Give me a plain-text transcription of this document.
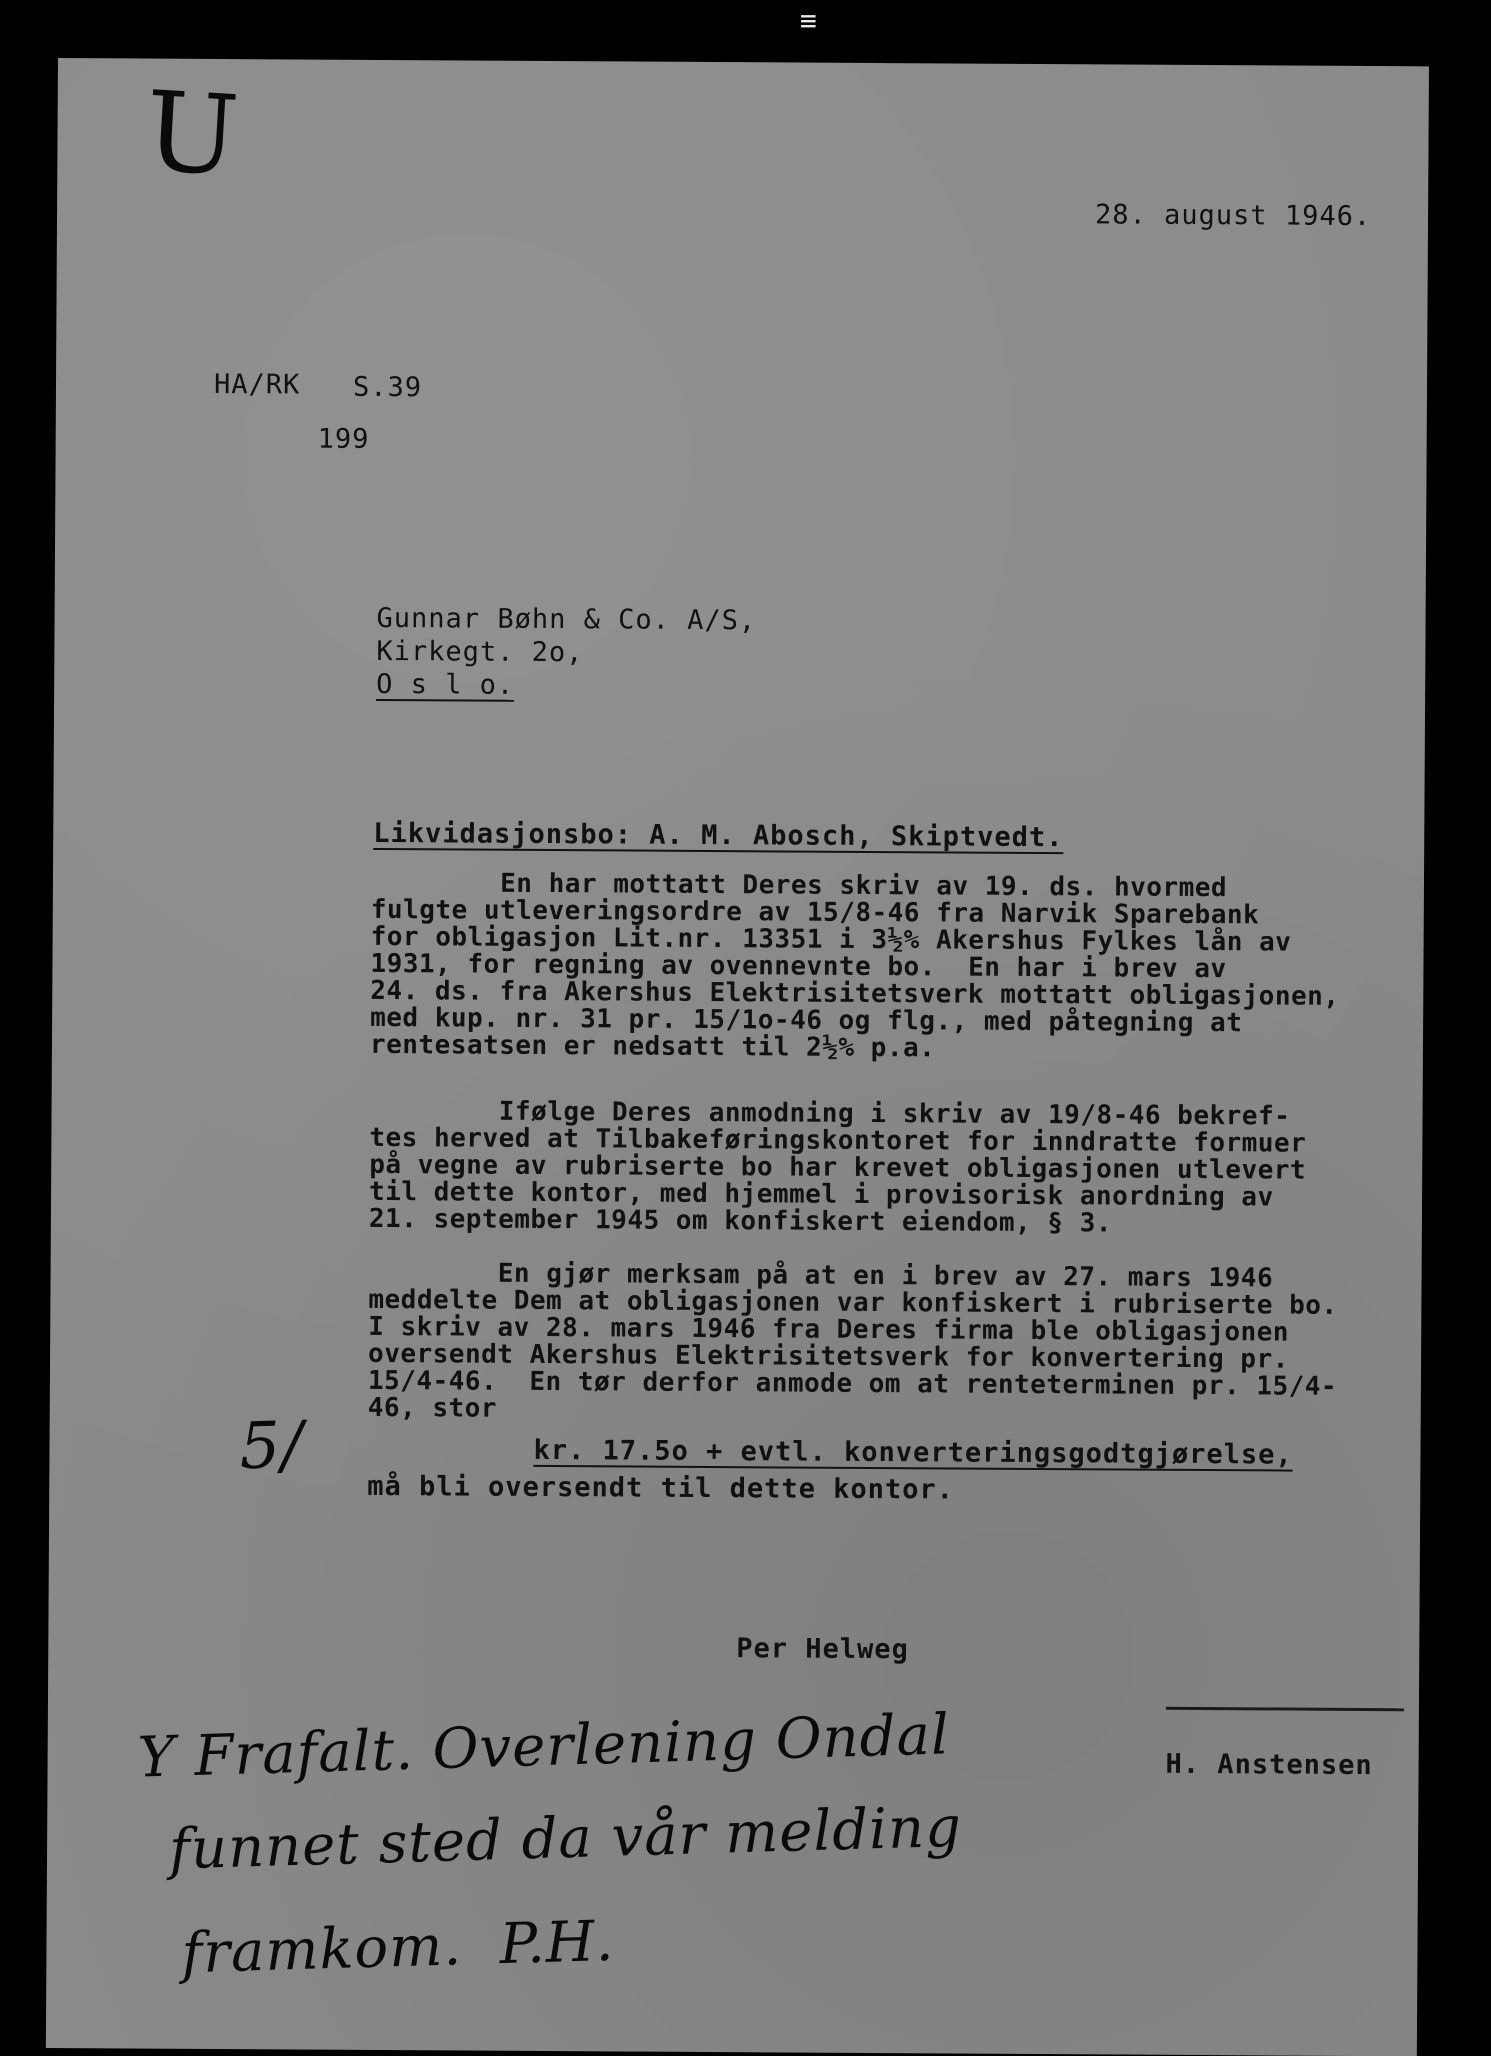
≡
U
28. august 1946.
HA/RK S.39
199
Gunnar Bøhn & Co. A/S,
Kirkegt. 2o,
O s l o.
Likvidasjonsbo: A. M. Abosch, Skiptvedt.
En har mottatt Deres skriv av 19. ds. hvormed
fulgte utleveringsordre av 15/8-46 fra Narvik Sparebank
for obligasjon Lit.nr. 13351 i 3½% Akershus Fylkes lån av
1931, for regning av ovennevnte bo.  En har i brev av
24. ds. fra Akershus Elektrisitetsverk mottatt obligasjonen,
med kup. nr. 31 pr. 15/1o-46 og flg., med påtegning at
rentesatsen er nedsatt til 2½% p.a.
Ifølge Deres anmodning i skriv av 19/8-46 bekref-
tes herved at Tilbakeføringskontoret for inndratte formuer
på vegne av rubriserte bo har krevet obligasjonen utlevert
til dette kontor, med hjemmel i provisorisk anordning av
21. september 1945 om konfiskert eiendom, § 3.
En gjør merksam på at en i brev av 27. mars 1946
meddelte Dem at obligasjonen var konfiskert i rubriserte bo.
I skriv av 28. mars 1946 fra Deres firma ble obligasjonen
oversendt Akershus Elektrisitetsverk for konvertering pr.
15/4-46.  En tør derfor anmode om at renteterminen pr. 15/4-
46, stor
5/	kr. 17.5o + evtl. konverteringsgodtgjørelse,
må bli oversendt til dette kontor.
Per Helweg
H. Anstensen
Y Frafalt. Overlening Ondal
funnet sted da vår melding
framkom.  P.H.
